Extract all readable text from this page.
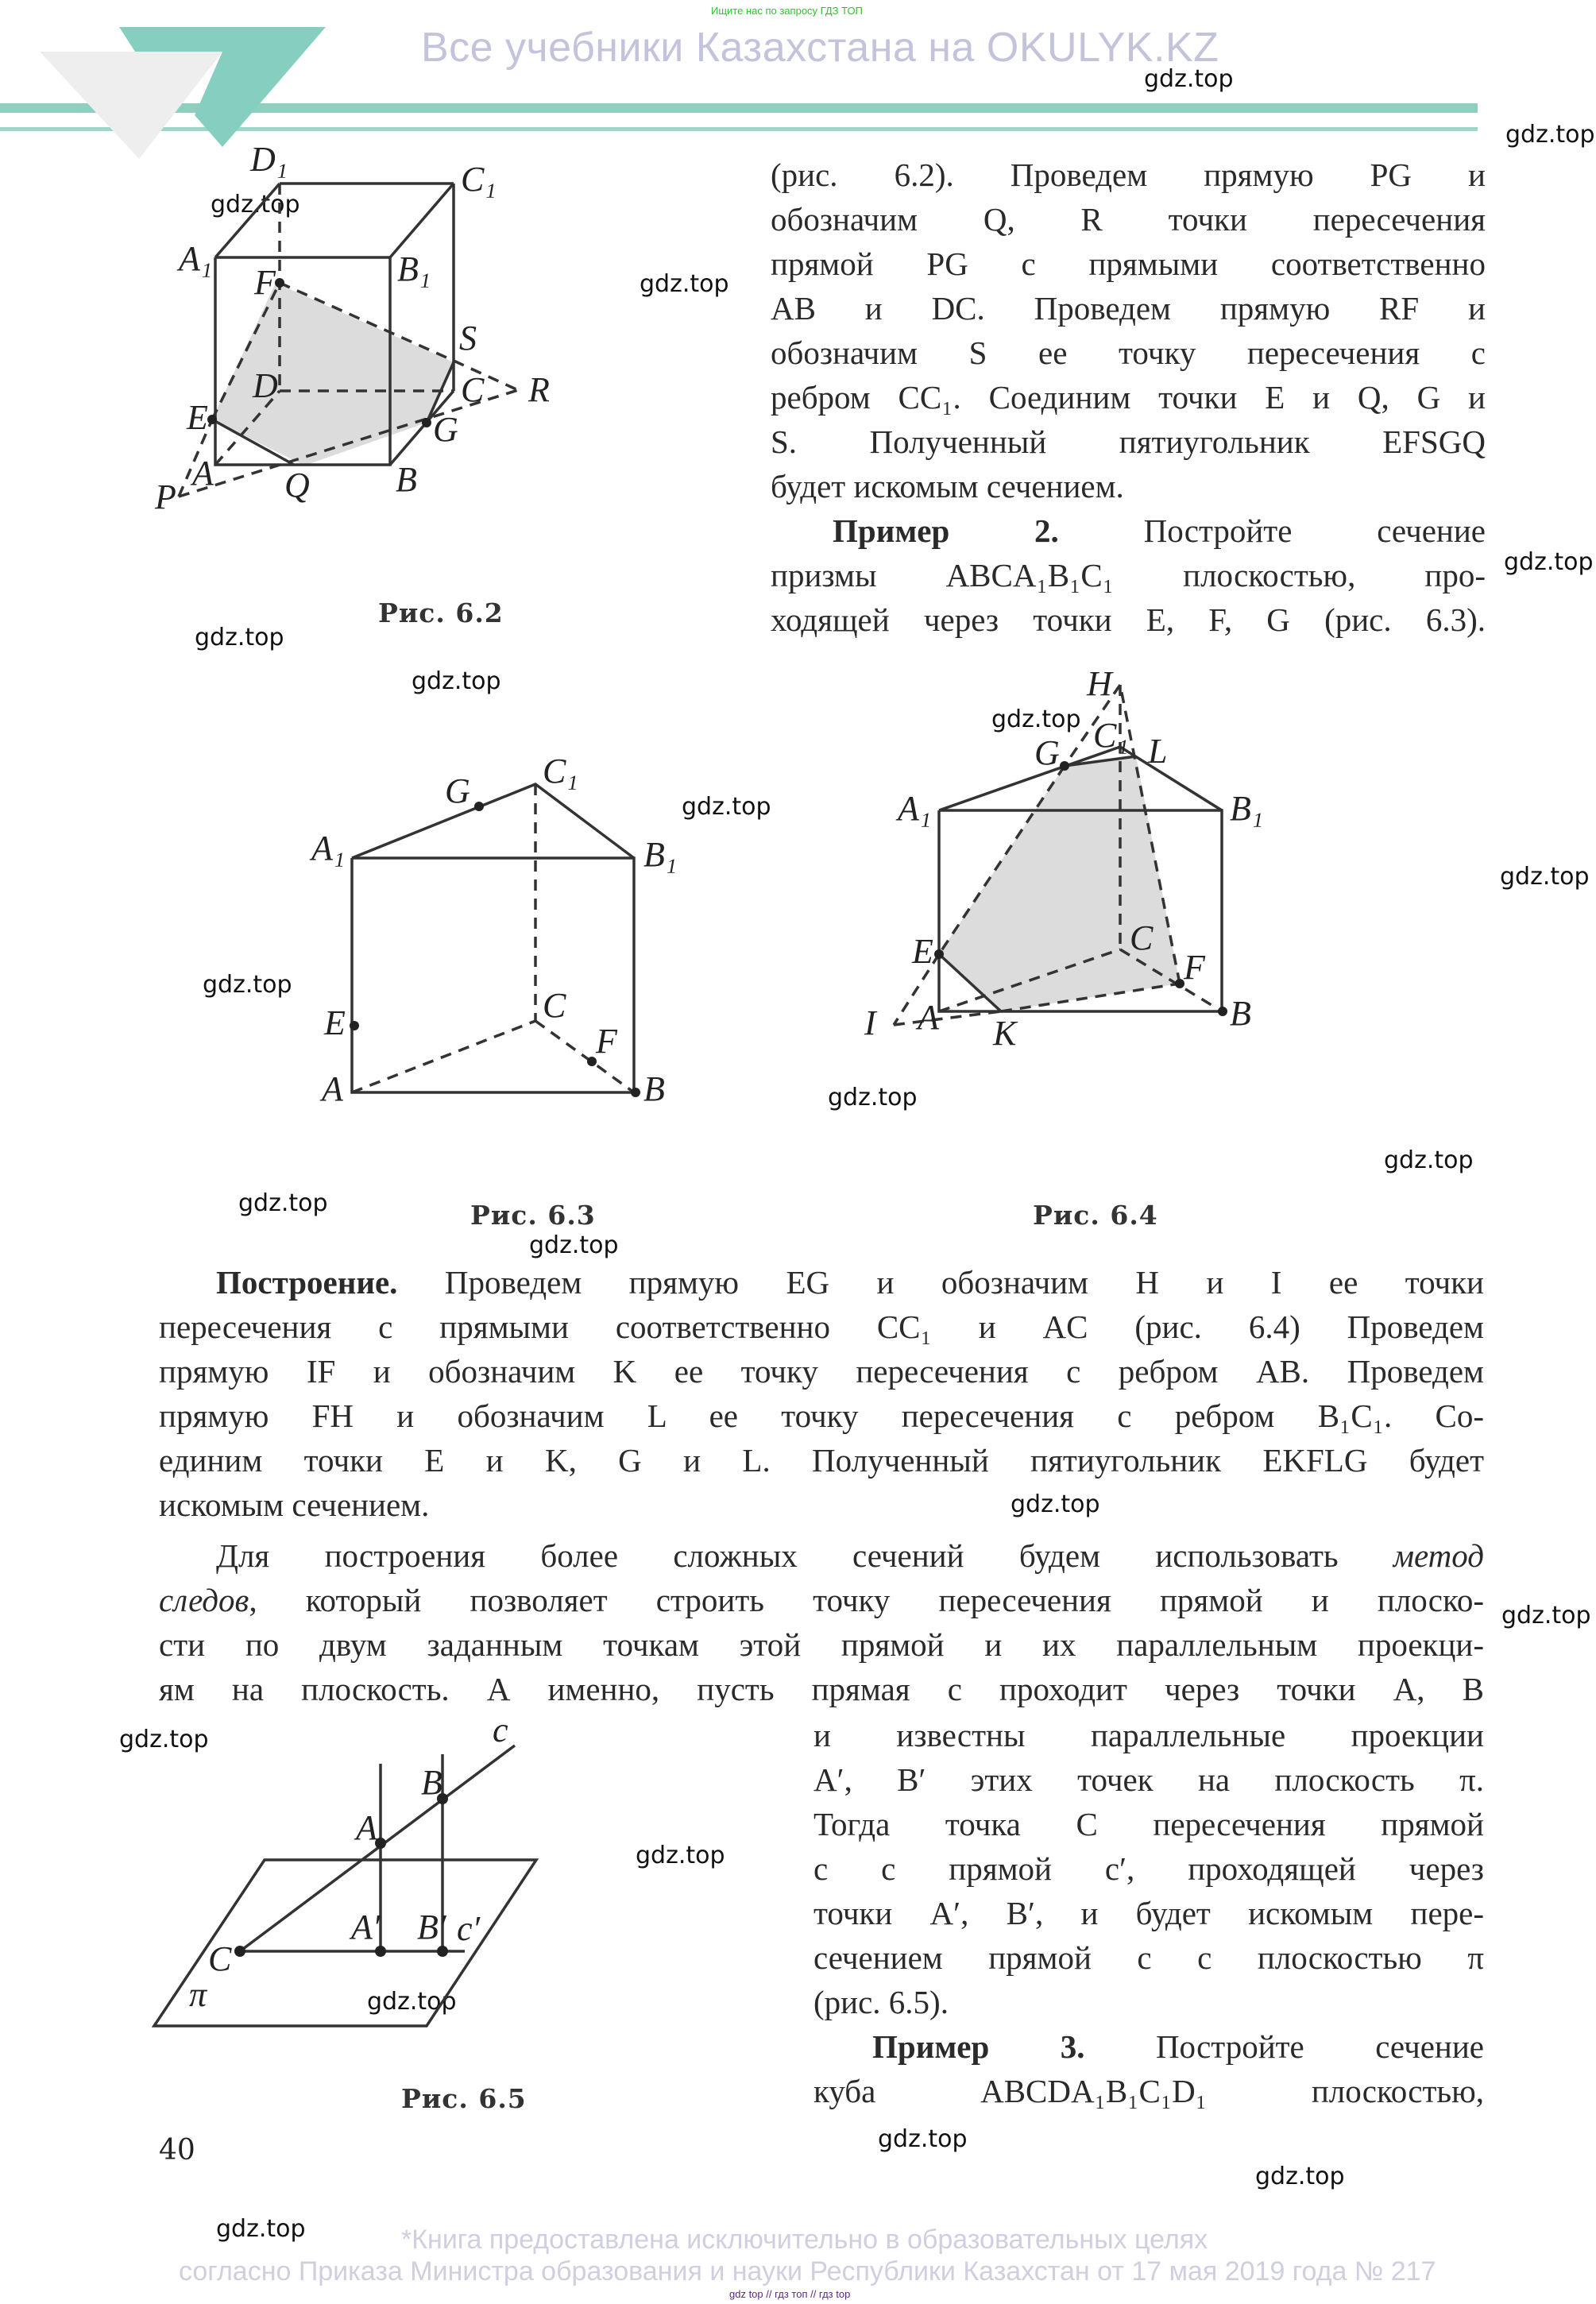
Ищите нас по запросу ГДЗ ТОП
Все учебники Казахстана на OKULYK.KZ
gdz.top
gdz.top
gdz.top
gdz.top
gdz.top
gdz.top
gdz.top
gdz.top
gdz.top
gdz.top
gdz.top
gdz.top
gdz.top
gdz.top
gdz.top
gdz.top
gdz.top
gdz.top
gdz.top
gdz.top
gdz.top
gdz.top
gdz.top
D₁
C₁
A₁	B₁
F
S
D	C R
E	G
A Q B
P
Рис. 6.2
(рис. 6.2). Проведем прямую PG и
обозначим Q, R точки пересечения
прямой PG с прямыми соответственно
AB и DC. Проведем прямую RF и
обозначим S ее точку пересечения с
ребром CC₁. Соединим точки E и Q, G и
S. Полученный пятиугольник EFSGQ
будет искомым сечением.
Пример 2.	Постройте сечение
призмы ABCA₁B₁C₁ плоскостью, про-
ходящей через точки E, F, G (рис. 6.3).
C₁
G
A₁	B₁
C
E	F
A	B
Рис. 6.3
H
C₁
G	L
A₁	B₁
C
E	F
I A K
B
Рис. 6.4
Построение. Проведем прямую EG и обозначим H и I ее точки
пересечения с прямыми соответственно CC₁ и AC (рис. 6.4) Проведем
прямую IF и обозначим K ее точку пересечения с ребром AB. Проведем
прямую FH и обозначим L ее точку пересечения с ребром B₁C₁. Со-
единим точки E и K, G и L. Полученный пятиугольник EKFLG будет
искомым сечением.
Для построения более сложных сечений будем использовать метод
следов, который позволяет строить точку пересечения прямой и плоско-
сти по двум заданным точкам этой прямой и их параллельным проекци-
ям на плоскость. А именно, пусть прямая c проходит через точки A, B
c
B
A
A′ B′ c′
C
π
Рис. 6.5
и известны параллельные проекции
A′, B′ этих точек на плоскость π.
Тогда точка C пересечения прямой
c с прямой c′, проходящей через
точки A′, B′, и будет искомым пере-
сечением прямой c с плоскостью π
(рис. 6.5).
Пример 3. Постройте сечение
куба ABCDA₁B₁C₁D₁ плоскостью,
40
*Книга предоставлена исключительно в образовательных целях
согласно Приказа Министра образования и науки Республики Казахстан от 17 мая 2019 года № 217
gdz top // гдз топ // гдз top
